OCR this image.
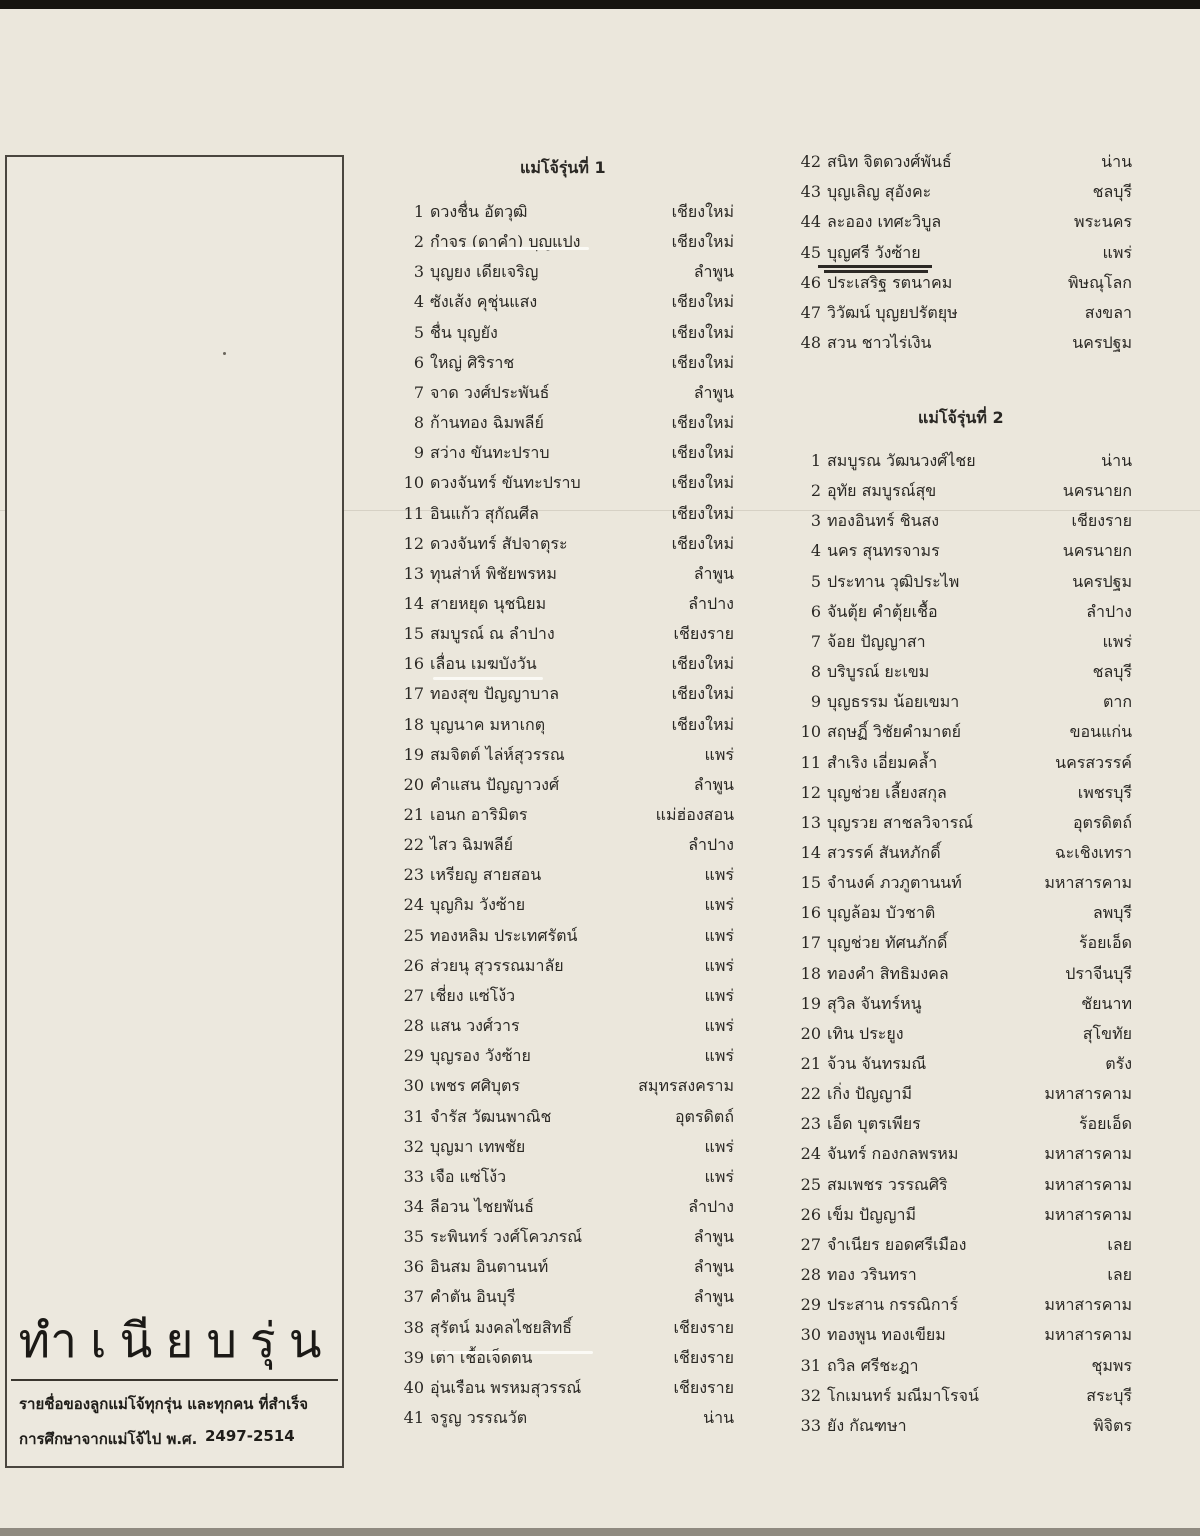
ทำเนียบรุ่น
รายชื่อของลูกแม่โจ้ทุกรุ่น และทุกคน ที่สำเร็จ
การศึกษาจากแม่โจ้ไป พ.ศ. 2497-2514
แม่โจ้รุ่นที่ 1
แม่โจ้รุ่นที่ 2
1 ดวงชื่น อัตวุฒิ	เชียงใหม่
2 กำจร (ดาคำ) บุญแปง	เชียงใหม่
3 บุญยง เดียเจริญ	ลำพูน
4 ซังเส้ง คุชุ่นแสง	เชียงใหม่
5 ชื่น บุญยัง	เชียงใหม่
6 ใหญ่ ศิริราช	เชียงใหม่
7 จาด วงศ์ประพันธ์	ลำพูน
8 ก้านทอง ฉิมพลีย์	เชียงใหม่
9 สว่าง ขันทะปราบ	เชียงใหม่
10 ดวงจันทร์ ขันทะปราบ	เชียงใหม่
11 อินแก้ว สุกัณศีล	เชียงใหม่
12 ดวงจันทร์ สัปจาตุระ	เชียงใหม่
13 ทุนส่าห์ พิชัยพรหม	ลำพูน
14 สายหยุด นุชนิยม	ลำปาง
15 สมบูรณ์ ณ ลำปาง	เชียงราย
16 เลื่อน เมฆบังวัน	เชียงใหม่
17 ทองสุข ปัญญาบาล	เชียงใหม่
18 บุญนาค มหาเกตุ	เชียงใหม่
19 สมจิตต์ ไล่ห์สุวรรณ	แพร่
20 คำแสน ปัญญาวงศ์	ลำพูน
21 เอนก อาริมิตร	แม่ฮ่องสอน
22 ไสว ฉิมพลีย์	ลำปาง
23 เหรียญ สายสอน	แพร่
24 บุญกิม วังซ้าย	แพร่
25 ทองหลิม ประเทศรัตน์	แพร่
26 ส่วยนุ สุวรรณมาลัย	แพร่
27 เชี่ยง แซ่โง้ว	แพร่
28 แสน วงศ์วาร	แพร่
29 บุญรอง วังซ้าย	แพร่
30 เพชร ศศิบุตร	สมุทรสงคราม
31 จำรัส วัฒนพาณิช	อุตรดิตถ์
32 บุญมา เทพชัย	แพร่
33 เจือ แซ่โง้ว	แพร่
34 ลีอวน ไชยพันธ์	ลำปาง
35 ระพินทร์ วงศ์โควภรณ์	ลำพูน
36 อินสม อินตานนท์	ลำพูน
37 คำตัน อินบุรี	ลำพูน
38 สุรัตน์ มงคลไชยสิทธิ์	เชียงราย
39 เต่า เชื้อเจ็ดตน	เชียงราย
40 อุ่นเรือน พรหมสุวรรณ์	เชียงราย
41 จรูญ วรรณวัต	น่าน
42 สนิท จิตดวงศ์พันธ์	น่าน
43 บุญเลิญ สุอังคะ	ชลบุรี
44 ละออง เทศะวิบูล	พระนคร
45 บุญศรี วังซ้าย	แพร่
46 ประเสริฐ รตนาคม	พิษณุโลก
47 วิวัฒน์ บุญยปรัตยุษ	สงขลา
48 สวน ชาวไร่เงิน	นครปฐม
1 สมบูรณ วัฒนวงศ์ไชย	น่าน
2 อุทัย สมบูรณ์สุข	นครนายก
3 ทองอินทร์ ชินสง	เชียงราย
4 นคร สุนทรจามร	นครนายก
5 ประทาน วุฒิประไพ	นครปฐม
6 จันตุ้ย คำตุ้ยเชื้อ	ลำปาง
7 จ้อย ปัญญาสา	แพร่
8 บริบูรณ์ ยะเขม	ชลบุรี
9 บุญธรรม น้อยเขมา	ตาก
10 สฤษฏิ์ วิชัยคำมาตย์	ขอนแก่น
11 สำเริง เอี่ยมคล้ำ	นครสวรรค์
12 บุญช่วย เลี้ยงสกุล	เพชรบุรี
13 บุญรวย สาชลวิจารณ์	อุตรดิตถ์
14 สวรรค์ สันหภักดิ์	ฉะเชิงเทรา
15 จำนงค์ ภวภูตานนท์	มหาสารคาม
16 บุญล้อม บัวชาติ	ลพบุรี
17 บุญช่วย ทัศนภักดิ์	ร้อยเอ็ด
18 ทองคำ สิทธิมงคล	ปราจีนบุรี
19 สุวิล จันทร์หนู	ชัยนาท
20 เทิน ประยูง	สุโขทัย
21 จ้วน จันทรมณี	ตรัง
22 เกิ่ง ปัญญามี	มหาสารคาม
23 เอ็ด บุตรเพียร	ร้อยเอ็ด
24 จันทร์ กองกลพรหม	มหาสารคาม
25 สมเพชร วรรณศิริ	มหาสารคาม
26 เข็ม ปัญญามี	มหาสารคาม
27 จำเนียร ยอดศรีเมือง	เลย
28 ทอง วรินทรา	เลย
29 ประสาน กรรณิการ์	มหาสารคาม
30 ทองพูน ทองเขียม	มหาสารคาม
31 ถวิล ศรีชะฎา	ชุมพร
32 โกเมนทร์ มณีมาโรจน์	สระบุรี
33 ยัง กัณฑษา	พิจิตร
